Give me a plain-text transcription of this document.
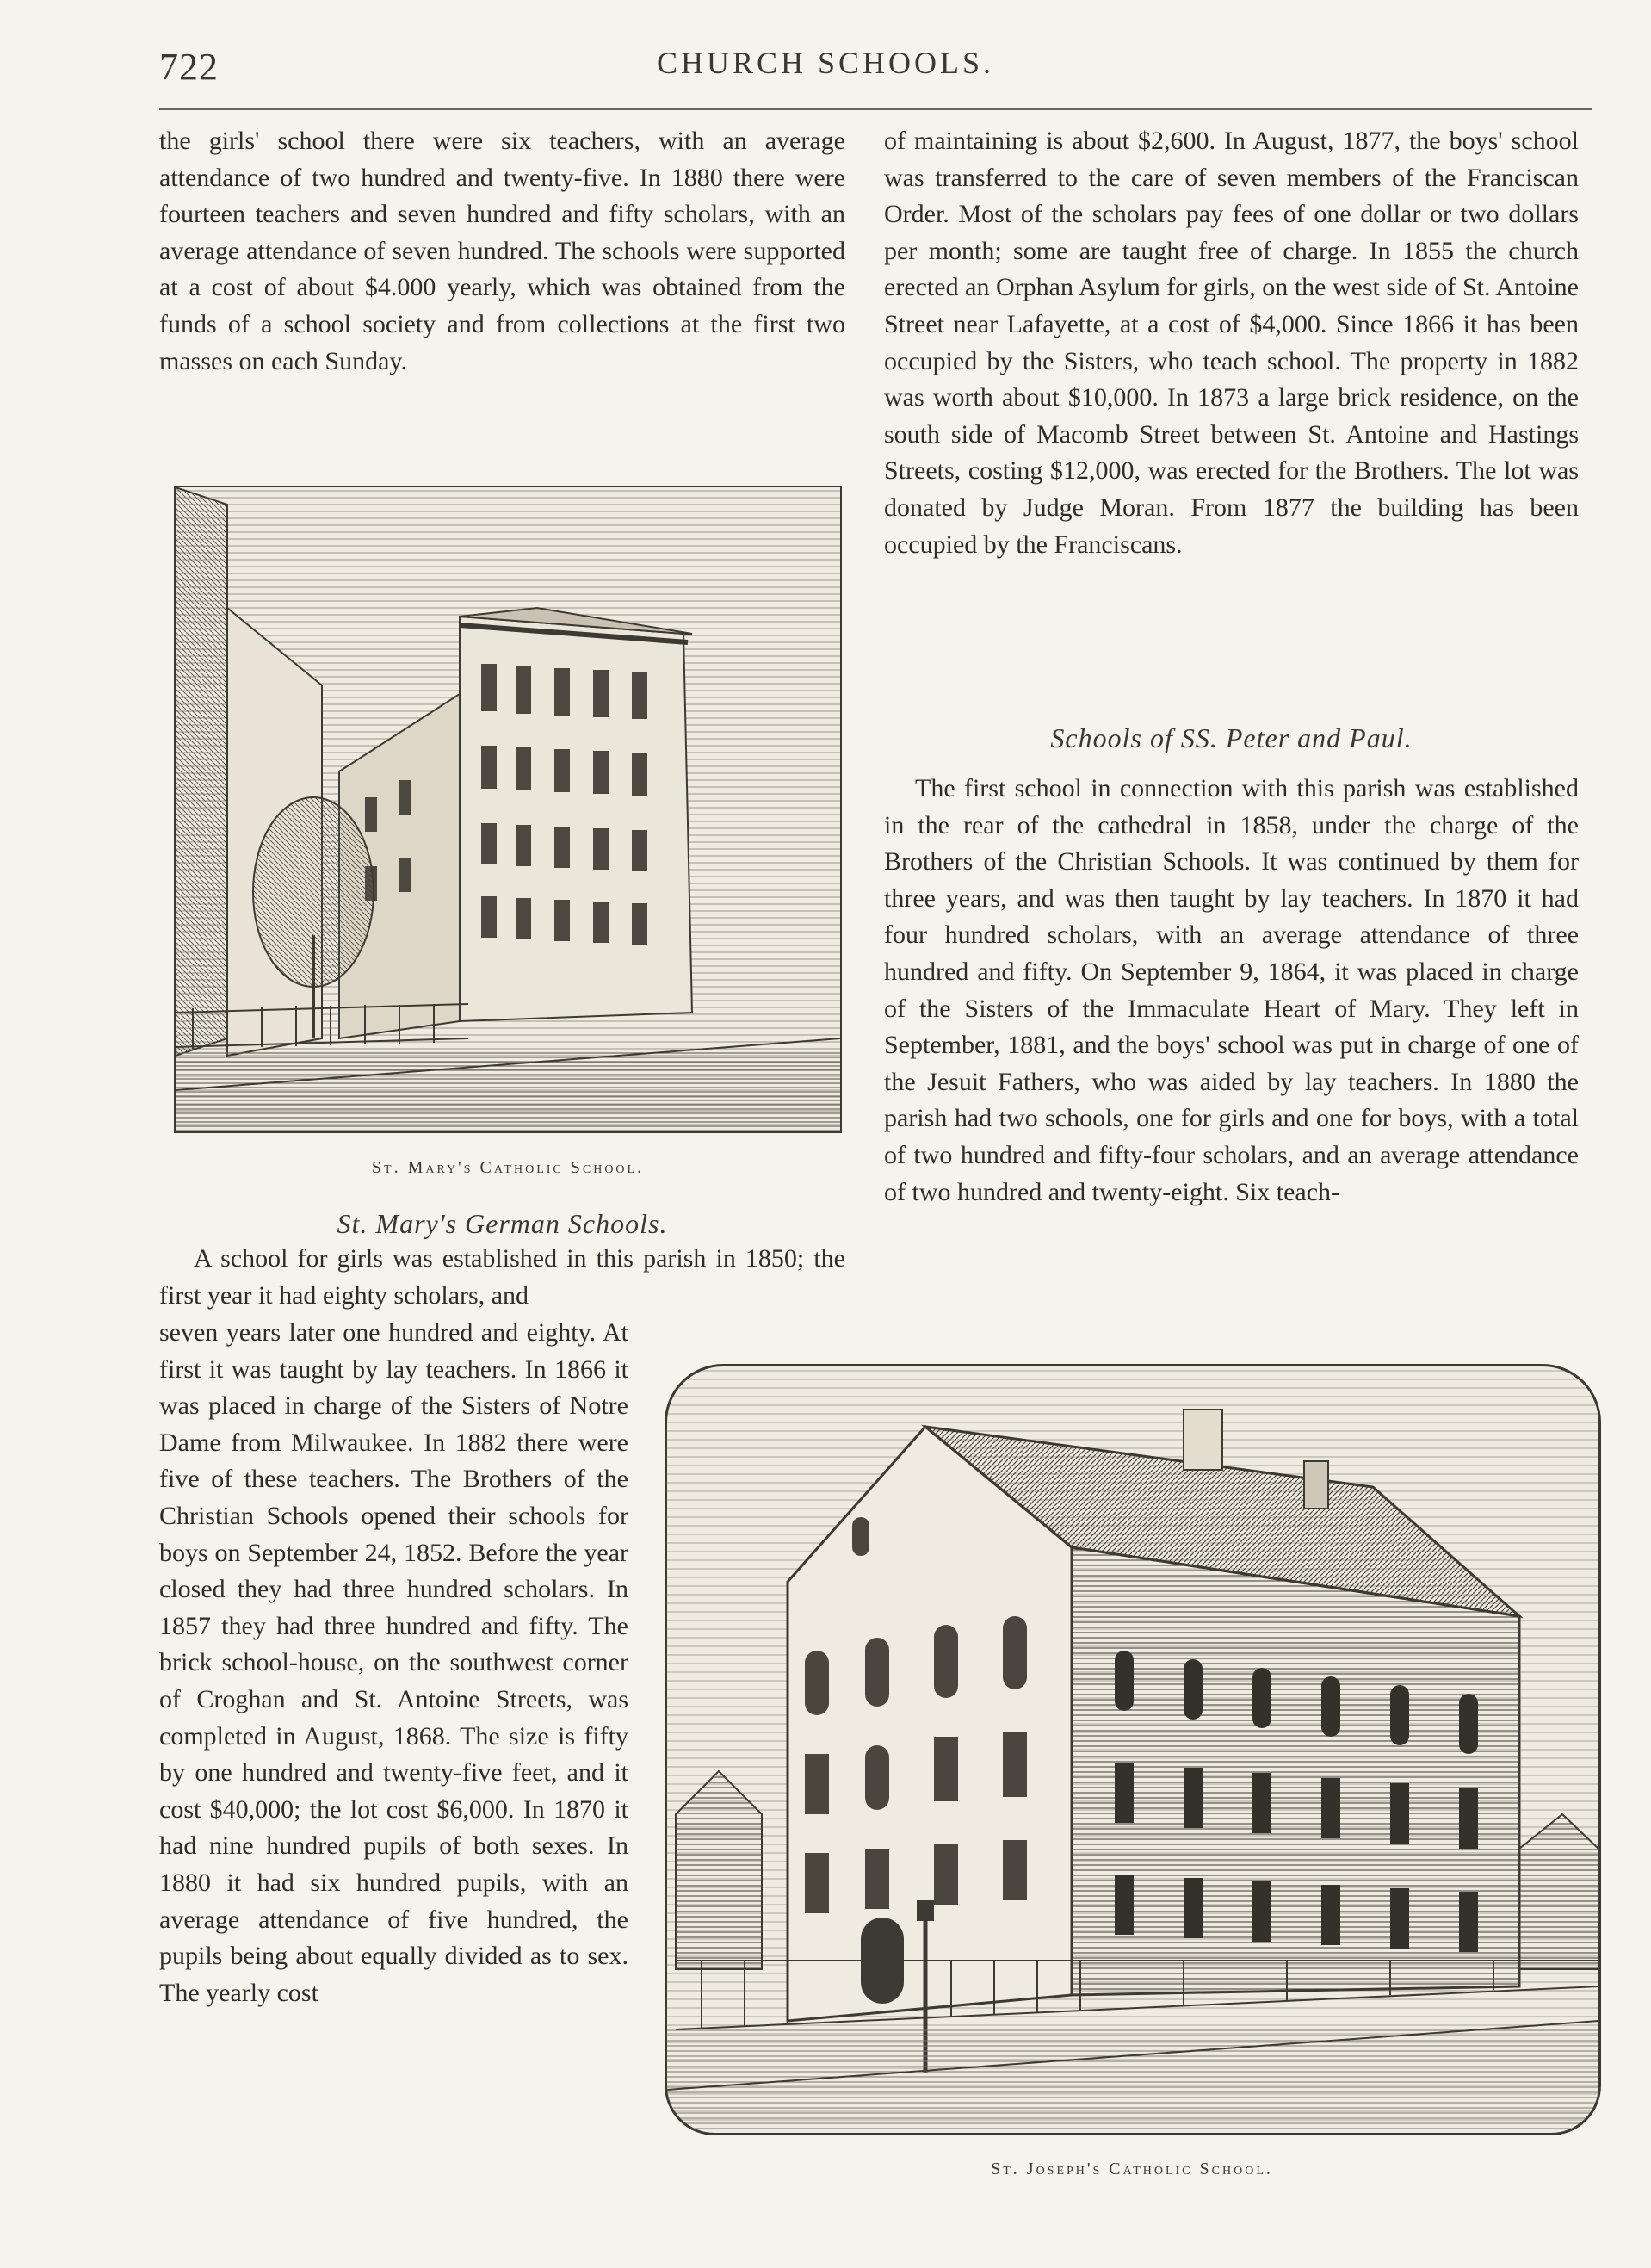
722	CHURCH SCHOOLS.

the girls' school there were six teachers, with an average attendance of two hundred and twenty-five. In 1880 there were fourteen teachers and seven hundred and fifty scholars, with an average attendance of seven hundred. The schools were supported at a cost of about $4.000 yearly, which was obtained from the funds of a school society and from collections at the first two masses on each Sunday.

St. Mary's Catholic School.
St. Mary's German Schools.

A school for girls was established in this parish in 1850; the first year it had eighty scholars, and

seven years later one hundred and eighty. At first it was taught by lay teachers. In 1866 it was placed in charge of the Sisters of Notre Dame from Milwaukee. In 1882 there were five of these teachers. The Brothers of the Christian Schools opened their schools for boys on September 24, 1852. Before the year closed they had three hundred scholars. In 1857 they had three hundred and fifty. The brick school-house, on the southwest corner of Croghan and St. Antoine Streets, was completed in August, 1868. The size is fifty by one hundred and twenty-five feet, and it cost $40,000; the lot cost $6,000. In 1870 it had nine hundred pupils of both sexes. In 1880 it had six hundred pupils, with an average attendance of five hundred, the pupils being about equally divided as to sex. The yearly cost

of maintaining is about $2,600. In August, 1877, the boys' school was transferred to the care of seven members of the Franciscan Order. Most of the scholars pay fees of one dollar or two dollars per month; some are taught free of charge. In 1855 the church erected an Orphan Asylum for girls, on the west side of St. Antoine Street near Lafayette, at a cost of $4,000. Since 1866 it has been occupied by the Sisters, who teach school. The property in 1882 was worth about $10,000. In 1873 a large brick residence, on the south side of Macomb Street between St. Antoine and Hastings Streets, costing $12,000, was erected for the Brothers. The lot was donated by Judge Moran. From 1877 the building has been occupied by the Franciscans.

Schools of SS. Peter and Paul.

The first school in connection with this parish was established in the rear of the cathedral in 1858, under the charge of the Brothers of the Christian Schools. It was continued by them for three years, and was then taught by lay teachers. In 1870 it had four hundred scholars, with an average attendance of three hundred and fifty. On September 9, 1864, it was placed in charge of the Sisters of the Immaculate Heart of Mary. They left in September, 1881, and the boys' school was put in charge of one of the Jesuit Fathers, who was aided by lay teachers. In 1880 the parish had two schools, one for girls and one for boys, with a total of two hundred and fifty-four scholars, and an average attendance of two hundred and twenty-eight. Six teach-

St. Joseph's Catholic School.
